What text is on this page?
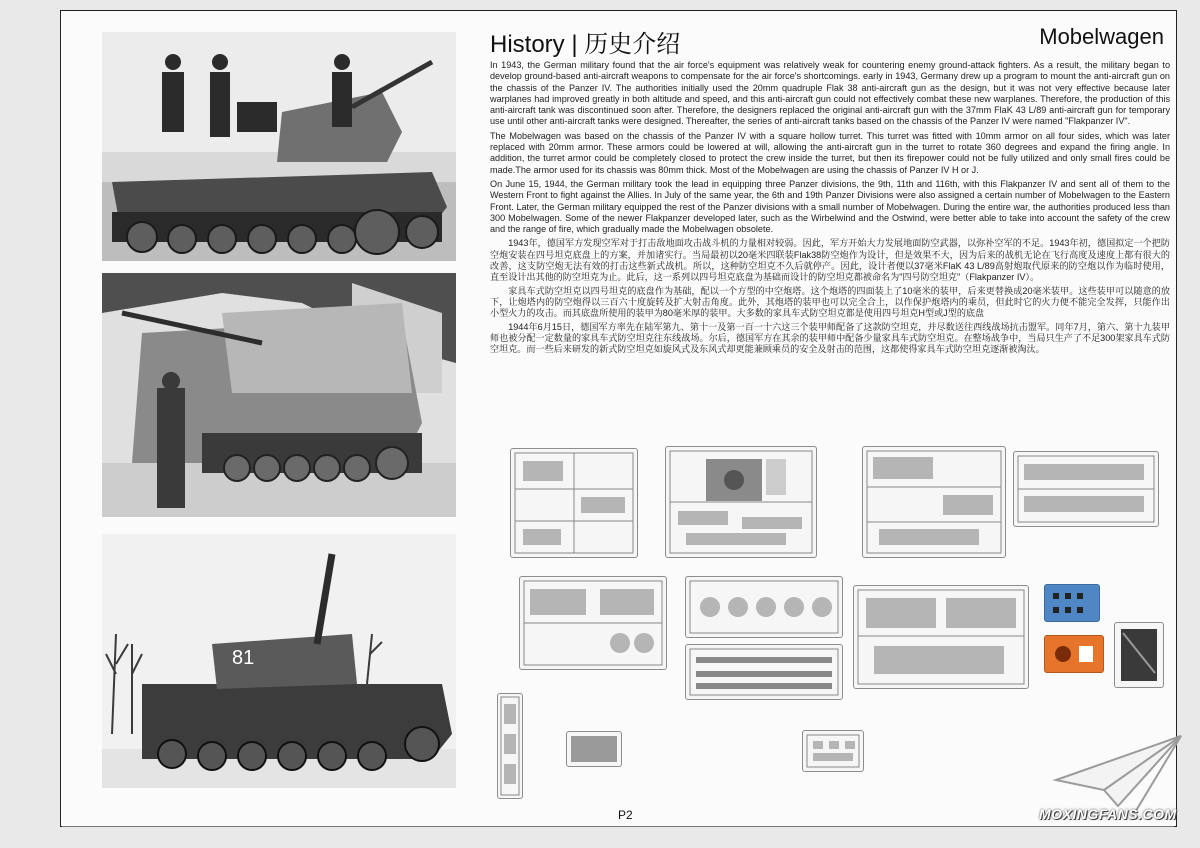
81
History | 历史介绍	Mobelwagen

In 1943, the German military found that the air force's equipment was relatively weak for countering enemy ground-attack fighters. As a result, the military began to develop ground-based anti-aircraft weapons to compensate for the air force's shortcomings. early in 1943, Germany drew up a program to mount the anti-aircraft gun on the chassis of the Panzer IV. The authorities initially used the 20mm quadruple Flak 38 anti-aircraft gun as the design, but it was not very effective because later warplanes had improved greatly in both altitude and speed, and this anti-aircraft gun could not effectively combat these new warplanes. Therefore, the production of this anti-aircraft tank was discontinued soon after. Therefore, the designers replaced the original anti-aircraft gun with the 37mm FlaK 43 L/89 anti-aircraft gun for temporary use until other anti-aircraft tanks were designed. Thereafter, the series of anti-aircraft tanks based on the chassis of the Panzer IV were named "Flakpanzer IV".

The Mobelwagen was based on the chassis of the Panzer IV with a square hollow turret. This turret was fitted with 10mm armor on all four sides, which was later replaced with 20mm armor. These armors could be lowered at will, allowing the anti-aircraft gun in the turret to rotate 360 degrees and expand the firing angle. In addition, the turret armor could be completely closed to protect the crew inside the turret, but then its firepower could not be fully utilized and only small fires could be made.The armor used for its chassis was 80mm thick. Most of the Mobelwagen are using the chassis of Panzer IV H or J.

On June 15, 1944, the German military took the lead in equipping three Panzer divisions, the 9th, 11th and 116th, with this Flakpanzer IV and sent all of them to the Western Front to fight against the Allies. In July of the same year, the 6th and 19th Panzer Divisions were also assigned a certain number of Mobelwagen to the Eastern Front. Later, the German military equipped the rest of the Panzer divisions with a small number of Mobelwagen. During the entire war, the authorities produced less than 300 Mobelwagen. Some of the newer Flakpanzer developed later, such as the Wirbelwind and the Ostwind, were better able to take into account the safety of the crew and the range of fire, which gradually made the Mobelwagen obsolete.

1943年，德国军方发现空军对于打击敌地面攻击战斗机的力量相对较弱。因此，军方开始大力发展地面防空武器，以弥补空军的不足。1943年初，德国拟定一个把防空炮安装在四号坦克底盘上的方案，并加诸实行。当局最初以20毫米四联装Flak38防空炮作为设计，但是效果不大，因为后来的战机无论在飞行高度及速度上都有很大的改善，这支防空炮无法有效的打击这些新式战机。所以，这种防空坦克不久后就停产。因此，设计者便以37毫米FlaK 43 L/89高射炮取代原来的防空炮以作为临时使用，直至设计出其他的防空坦克为止。此后，这一系列以四号坦克底盘为基础而设计的防空坦克都被命名为"四号防空坦克"（Flakpanzer IV）。

家具车式防空坦克以四号坦克的底盘作为基础，配以一个方型的中空炮塔。这个炮塔的四面装上了10毫米的装甲，后来更替换成20毫米装甲。这些装甲可以随意的放下，让炮塔内的防空炮得以三百六十度旋转及扩大射击角度。此外，其炮塔的装甲也可以完全合上，以作保护炮塔内的乘员，但此时它的火力便不能完全发挥，只能作出小型火力的攻击。而其底盘所使用的装甲为80毫米厚的装甲。大多数的家具车式防空坦克都是使用四号坦克H型或J型的底盘

1944年6月15日，德国军方率先在陆军第九、第十一及第一百一十六这三个装甲师配备了这款防空坦克，并尽数送往西线战场抗击盟军。同年7月，第六、第十九装甲师也被分配一定数量的家具车式防空坦克往东线战场。尔后，德国军方在其余的装甲师中配备少量家具车式防空坦克。在整场战争中，当局只生产了不足300架家具车式防空坦克。而一些后来研发的新式防空坦克如旋风式及东风式却更能兼顾乘员的安全及射击的范围，这都使得家具车式防空坦克逐渐被淘汰。

P2	MOXINGFANS.COM
